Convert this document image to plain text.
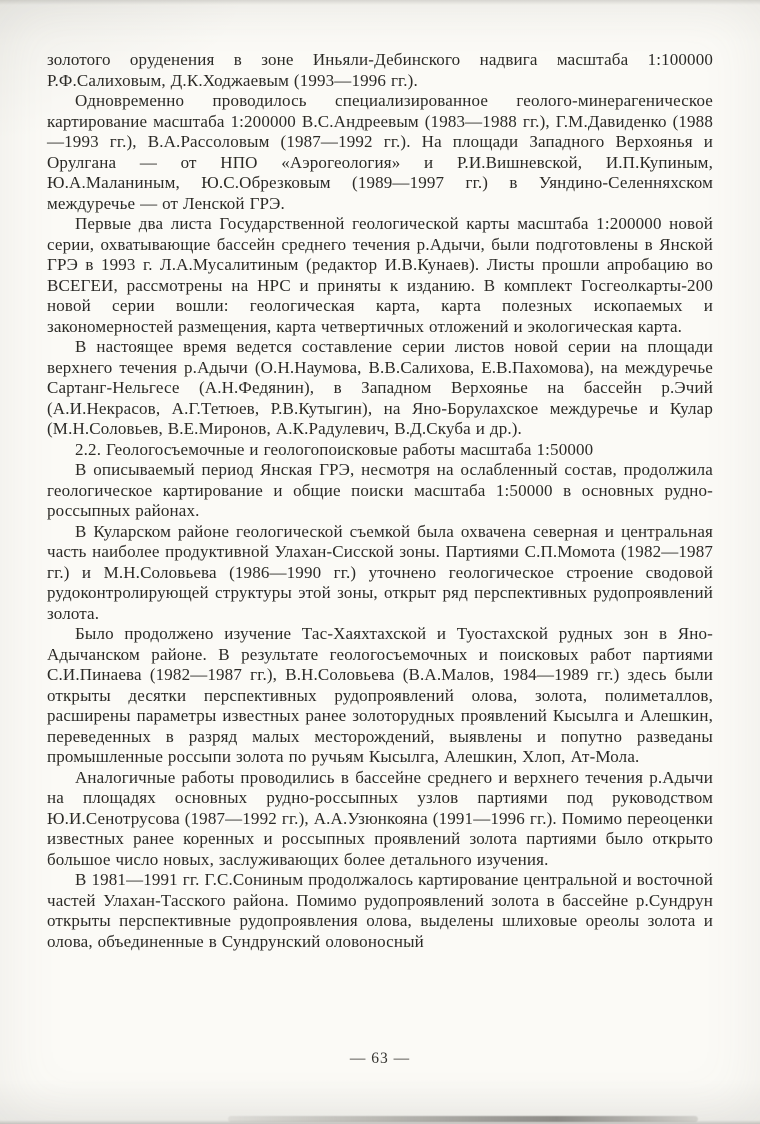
золотого оруденения в зоне Иньяли-Дебинского надвига масштаба 1:100000 Р.Ф.Салиховым, Д.К.Ходжаевым (1993—1996 гг.).

Одновременно проводилось специализированное геолого-минерагеническое картирование масштаба 1:200000 В.С.Андреевым (1983—1988 гг.), Г.М.Давиденко (1988—1993 гг.), В.А.Рассоловым (1987—1992 гг.). На площади Западного Верхоянья и Орулгана — от НПО «Аэрогеология» и Р.И.Вишневской, И.П.Купиным, Ю.А.Маланиным, Ю.С.Обрезковым (1989—1997 гг.) в Уяндино-Селенняхском междуречье — от Ленской ГРЭ.

Первые два листа Государственной геологической карты масштаба 1:200000 новой серии, охватывающие бассейн среднего течения р.Адычи, были подготовлены в Янской ГРЭ в 1993 г. Л.А.Мусалитиным (редактор И.В.Кунаев). Листы прошли апробацию во ВСЕГЕИ, рассмотрены на НРС и приняты к изданию. В комплект Госгеолкарты-200 новой серии вошли: геологическая карта, карта полезных ископаемых и закономерностей размещения, карта четвертичных отложений и экологическая карта.

В настоящее время ведется составление серии листов новой серии на площади верхнего течения р.Адычи (О.Н.Наумова, В.В.Салихова, Е.В.Пахомова), на междуречье Сартанг-Нельгесе (А.Н.Федянин), в Западном Верхоянье на бассейн р.Эчий (А.И.Некрасов, А.Г.Тетюев, Р.В.Кутыгин), на Яно-Борулахское междуречье и Кулар (М.Н.Соловьев, В.Е.Миронов, А.К.Радулевич, В.Д.Скуба и др.).

2.2. Геологосъемочные и геологопоисковые работы масштаба 1:50000

В описываемый период Янская ГРЭ, несмотря на ослабленный состав, продолжила геологическое картирование и общие поиски масштаба 1:50000 в основных рудно-россыпных районах.

В Куларском районе геологической съемкой была охвачена северная и центральная часть наиболее продуктивной Улахан-Сисской зоны. Партиями С.П.Момота (1982—1987 гг.) и М.Н.Соловьева (1986—1990 гг.) уточнено геологическое строение сводовой рудоконтролирующей структуры этой зоны, открыт ряд перспективных рудопроявлений золота.

Было продолжено изучение Тас-Хаяхтахской и Туостахской рудных зон в Яно-Адычанском районе. В результате геологосъемочных и поисковых работ партиями С.И.Пинаева (1982—1987 гг.), В.Н.Соловьева (В.А.Малов, 1984—1989 гг.) здесь были открыты десятки перспективных рудопроявлений олова, золота, полиметаллов, расширены параметры известных ранее золоторудных проявлений Кысылга и Алешкин, переведенных в разряд малых месторождений, выявлены и попутно разведаны промышленные россыпи золота по ручьям Кысылга, Алешкин, Хлоп, Ат-Мола.

Аналогичные работы проводились в бассейне среднего и верхнего течения р.Адычи на площадях основных рудно-россыпных узлов партиями под руководством Ю.И.Сенотрусова (1987—1992 гг.), А.А.Узюнкояна (1991—1996 гг.). Помимо переоценки известных ранее коренных и россыпных проявлений золота партиями было открыто большое число новых, заслуживающих более детального изучения.

В 1981—1991 гг. Г.С.Сониным продолжалось картирование центральной и восточной частей Улахан-Тасского района. Помимо рудопроявлений золота в бассейне р.Сундрун открыты перспективные рудопроявления олова, выделены шлиховые ореолы золота и олова, объединенные в Сундрунский оловоносный

— 63 —
